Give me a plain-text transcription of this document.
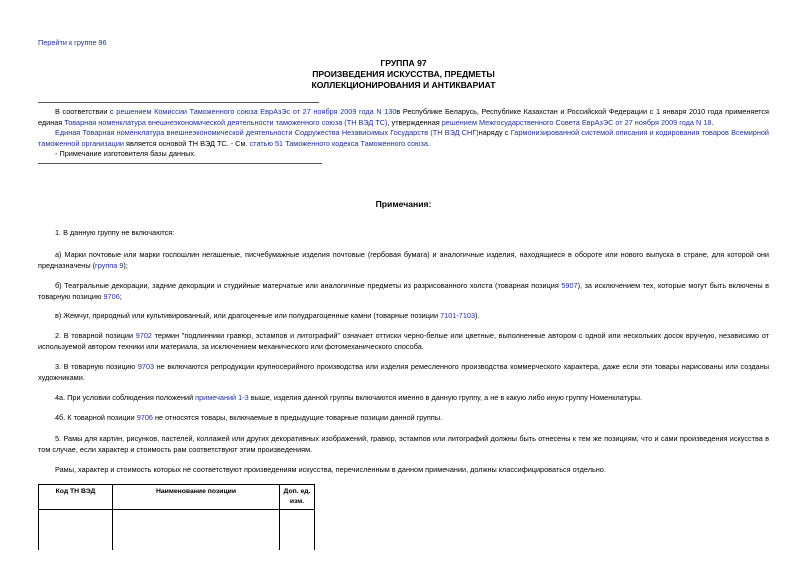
Перейти к группе 96
ГРУППА 97
ПРОИЗВЕДЕНИЯ ИСКУССТВА, ПРЕДМЕТЫ
КОЛЛЕКЦИОНИРОВАНИЯ И АНТИКВАРИАТ

В соответствии с решением Комиссии Таможенного союза ЕврАзЭс от 27 ноября 2009 года N 130в Республике Беларусь, Республике Казахстан и Российской Федерации с 1 января 2010 года применяется единая Товарная номенклатура внешнеэкономической деятельности таможенного союза (ТН ВЭД ТС), утвержденная решением Межгосударственного Совета ЕврАзЭС от 27 ноября 2009 года N 18.

Единая Товарная номенклатура внешнеэкономической деятельности Содружества Независимых Государств (ТН ВЭД СНГ)наряду с Гармонизированной системой описания и кодирования товаров Всемирной таможенной организации является основой ТН ВЭД ТС. - См. статью 51 Таможенного кодекса Таможенного союза.

- Примечание изготовителя базы данных.

Примечания:

1. В данную группу не включаются:

а) Марки почтовые или марки госпошлин негашеные, писчебумажные изделия почтовые (гербовая бумага) и аналогичные изделия, находящиеся в обороте или нового выпуска в стране, для которой они предназначены (группа 9);

б) Театральные декорации, задние декорации и студийные матерчатые или аналогичные предметы из разрисованного холста (товарная позиция 5907), за исключением тех, которые могут быть включены в товарную позицию 9706;

в) Жемчуг, природный или культивированный, или драгоценные или полудрагоценные камни (товарные позиции 7101-7103).

2. В товарной позиции 9702 термин "подлинники гравюр, эстампов и литографий" означает оттиски черно-белые или цветные, выполненные автором с одной или нескольких досок вручную, независимо от используемой автором техники или материала, за исключением механического или фотомеханического способа.

3. В товарную позицию 9703 не включаются репродукции крупносерийного производства или изделия ремесленного производства коммерческого характера, даже если эти товары нарисованы или созданы художниками.

4а. При условии соблюдения положений примечаний 1-3 выше, изделия данной группы включаются именно в данную группу, а не в какую либо иную группу Номенклатуры.

4б. К товарной позиции 9706 не относятся товары, включаемые в предыдущие товарные позиции данной группы.

5. Рамы для картин, рисунков, пастелей, коллажей или других декоративных изображений, гравюр, эстампов или литографий должны быть отнесены к тем же позициям, что и сами произведения искусства в том случае, если характер и стоимость рам соответствуют этим произведениям.

Рамы, характер и стоимость которых не соответствуют произведениям искусства, перечисленным в данном примечании, должны классифицироваться отдельно.

Код ТН ВЭД	Наименование позиции	Доп. ед. изм.
